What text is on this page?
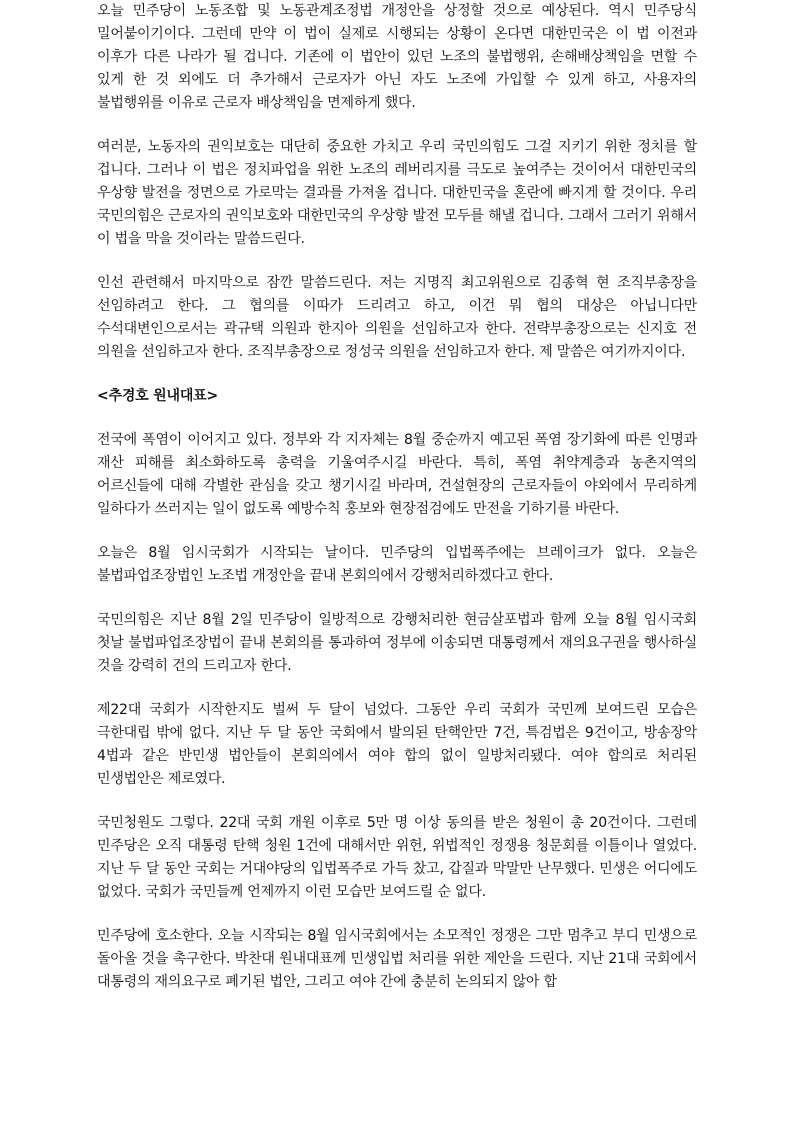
오늘 민주당이 노동조합 및 노동관계조정법 개정안을 상정할 것으로 예상된다. 역시 민주당식 밀어붙이기이다. 그런데 만약 이 법이 실제로 시행되는 상황이 온다면 대한민국은 이 법 이전과 이후가 다른 나라가 될 겁니다. 기존에 이 법안이 있던 노조의 불법행위, 손해배상책임을 면할 수 있게 한 것 외에도 더 추가해서 근로자가 아닌 자도 노조에 가입할 수 있게 하고, 사용자의 불법행위를 이유로 근로자 배상책임을 면제하게 했다.

여러분, 노동자의 권익보호는 대단히 중요한 가치고 우리 국민의힘도 그걸 지키기 위한 정치를 할 겁니다. 그러나 이 법은 정치파업을 위한 노조의 레버리지를 극도로 높여주는 것이어서 대한민국의 우상향 발전을 정면으로 가로막는 결과를 가져올 겁니다. 대한민국을 혼란에 빠지게 할 것이다. 우리 국민의힘은 근로자의 권익보호와 대한민국의 우상향 발전 모두를 해낼 겁니다. 그래서 그러기 위해서 이 법을 막을 것이라는 말씀드린다.

인선 관련해서 마지막으로 잠깐 말씀드린다. 저는 지명직 최고위원으로 김종혁 현 조직부총장을 선임하려고 한다. 그 협의를 이따가 드리려고 하고, 이건 뭐 협의 대상은 아닙니다만 수석대변인으로서는 곽규택 의원과 한지아 의원을 선임하고자 한다. 전략부총장으로는 신지호 전 의원을 선임하고자 한다. 조직부총장으로 정성국 의원을 선임하고자 한다. 제 말씀은 여기까지이다.

<추경호 원내대표>

전국에 폭염이 이어지고 있다. 정부와 각 지자체는 8월 중순까지 예고된 폭염 장기화에 따른 인명과 재산 피해를 최소화하도록 총력을 기울여주시길 바란다. 특히, 폭염 취약계층과 농촌지역의 어르신들에 대해 각별한 관심을 갖고 챙기시길 바라며, 건설현장의 근로자들이 야외에서 무리하게 일하다가 쓰러지는 일이 없도록 예방수칙 홍보와 현장점검에도 만전을 기하기를 바란다.

오늘은 8월 임시국회가 시작되는 날이다. 민주당의 입법폭주에는 브레이크가 없다. 오늘은 불법파업조장법인 노조법 개정안을 끝내 본회의에서 강행처리하겠다고 한다.

국민의힘은 지난 8월 2일 민주당이 일방적으로 강행처리한 현금살포법과 함께 오늘 8월 임시국회 첫날 불법파업조장법이 끝내 본회의를 통과하여 정부에 이송되면 대통령께서 재의요구권을 행사하실 것을 강력히 건의 드리고자 한다.

제22대 국회가 시작한지도 벌써 두 달이 넘었다. 그동안 우리 국회가 국민께 보여드린 모습은 극한대립 밖에 없다. 지난 두 달 동안 국회에서 발의된 탄핵안만 7건, 특검법은 9건이고, 방송장악 4법과 같은 반민생 법안들이 본회의에서 여야 합의 없이 일방처리됐다. 여야 합의로 처리된 민생법안은 제로였다.

국민청원도 그렇다. 22대 국회 개원 이후로 5만 명 이상 동의를 받은 청원이 총 20건이다. 그런데 민주당은 오직 대통령 탄핵 청원 1건에 대해서만 위헌, 위법적인 정쟁용 청문회를 이틀이나 열었다. 지난 두 달 동안 국회는 거대야당의 입법폭주로 가득 찼고, 갑질과 막말만 난무했다. 민생은 어디에도 없었다. 국회가 국민들께 언제까지 이런 모습만 보여드릴 순 없다.

민주당에 호소한다. 오늘 시작되는 8월 임시국회에서는 소모적인 정쟁은 그만 멈추고 부디 민생으로 돌아올 것을 촉구한다. 박찬대 원내대표께 민생입법 처리를 위한 제안을 드린다. 지난 21대 국회에서 대통령의 재의요구로 폐기된 법안, 그리고 여야 간에 충분히 논의되지 않아 합
